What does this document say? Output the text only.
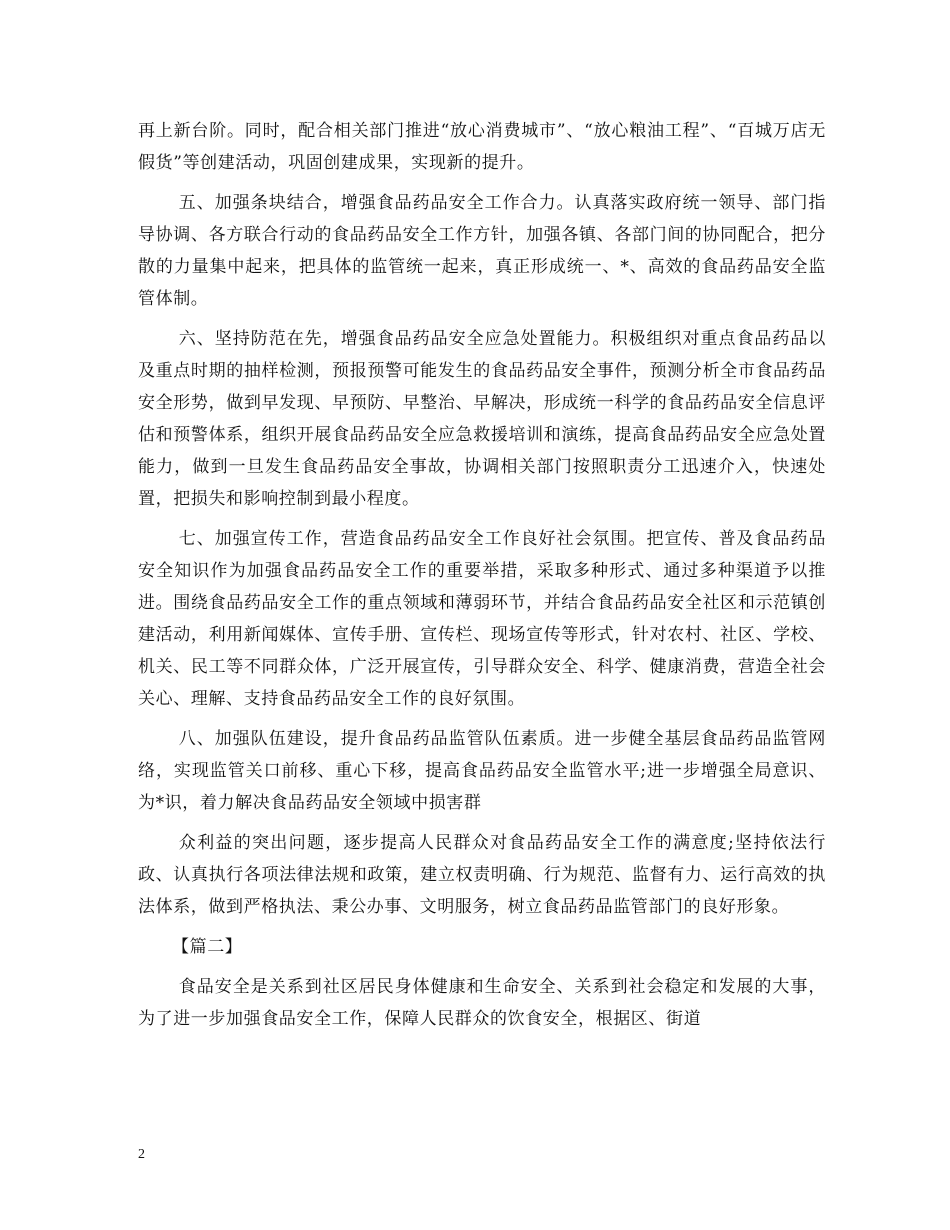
再上新台阶。同时，配合相关部门推进“放心消费城市”、“放心粮油工程”、“百城万店无假货”等创建活动，巩固创建成果，实现新的提升。

五、加强条块结合，增强食品药品安全工作合力。认真落实政府统一领导、部门指导协调、各方联合行动的食品药品安全工作方针，加强各镇、各部门间的协同配合，把分散的力量集中起来，把具体的监管统一起来，真正形成统一、*、高效的食品药品安全监管体制。

六、坚持防范在先，增强食品药品安全应急处置能力。积极组织对重点食品药品以及重点时期的抽样检测，预报预警可能发生的食品药品安全事件，预测分析全市食品药品安全形势，做到早发现、早预防、早整治、早解决，形成统一科学的食品药品安全信息评估和预警体系，组织开展食品药品安全应急救援培训和演练，提高食品药品安全应急处置能力，做到一旦发生食品药品安全事故，协调相关部门按照职责分工迅速介入，快速处置，把损失和影响控制到最小程度。

七、加强宣传工作，营造食品药品安全工作良好社会氛围。把宣传、普及食品药品安全知识作为加强食品药品安全工作的重要举措，采取多种形式、通过多种渠道予以推进。围绕食品药品安全工作的重点领域和薄弱环节，并结合食品药品安全社区和示范镇创建活动，利用新闻媒体、宣传手册、宣传栏、现场宣传等形式，针对农村、社区、学校、机关、民工等不同群众体，广泛开展宣传，引导群众安全、科学、健康消费，营造全社会关心、理解、支持食品药品安全工作的良好氛围。

八、加强队伍建设，提升食品药品监管队伍素质。进一步健全基层食品药品监管网络，实现监管关口前移、重心下移，提高食品药品安全监管水平;进一步增强全局意识、为*识，着力解决食品药品安全领域中损害群

众利益的突出问题，逐步提高人民群众对食品药品安全工作的满意度;坚持依法行政、认真执行各项法律法规和政策，建立权责明确、行为规范、监督有力、运行高效的执法体系，做到严格执法、秉公办事、文明服务，树立食品药品监管部门的良好形象。

【篇二】

食品安全是关系到社区居民身体健康和生命安全、关系到社会稳定和发展的大事，为了进一步加强食品安全工作，保障人民群众的饮食安全，根据区、街道

2
